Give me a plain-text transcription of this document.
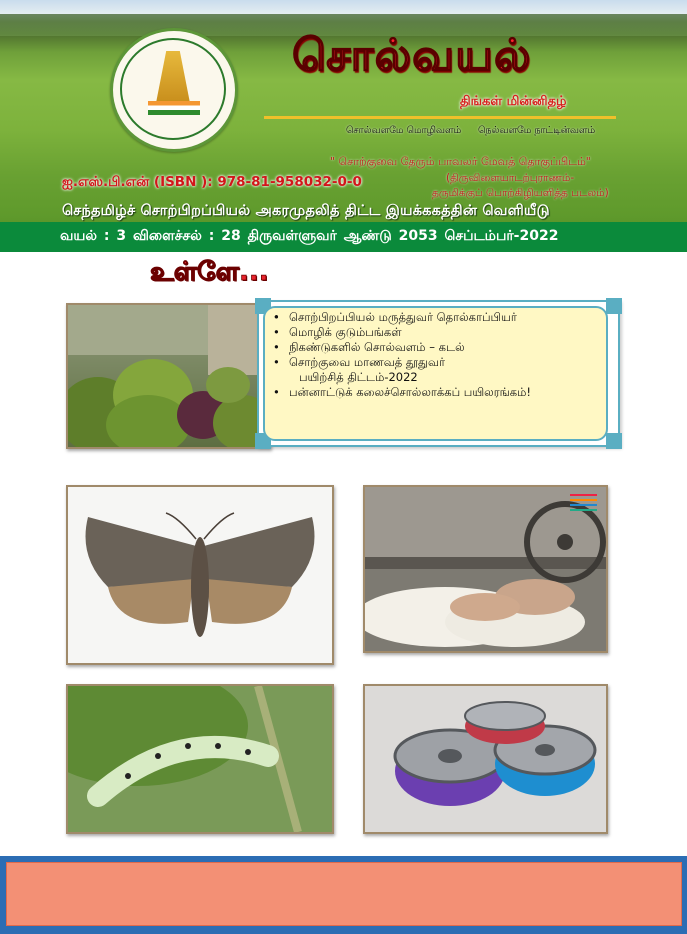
சொல்வயல்
திங்கள் மின்னிதழ்
சொல்வளமே மொழிவளம் நெல்வளமே நாட்டின்வளம்
" சொற்குவை தேரும் பாவலர் மேவத் தொகுப்பிடம்"
(திருவிளையாடற்புராணம்-
தருமிக்குப் பொற்கிழியளித்த படலம்)
ஐ.எஸ்.பி.என் (ISBN ): 978-81-958032-0-0
செந்தமிழ்ச் சொற்பிறப்பியல் அகரமுதலித் திட்ட இயக்ககத்தின் வெளியீடு
வயல் : 3 விளைச்சல் : 28 திருவள்ளுவர் ஆண்டு 2053 செப்டம்பர்-2022
உள்ளே...
• சொற்பிறப்பியல் மருத்துவர் தொல்காப்பியர்
• மொழிக் குடும்பங்கள்
• நிகண்டுகளில் சொல்வளம் – கடல்
• சொற்குவை மாணவத் தூதுவர்
பயிற்சித் திட்டம்-2022
• பன்னாட்டுக் கலைச்சொல்லாக்கப் பயிலரங்கம்!
